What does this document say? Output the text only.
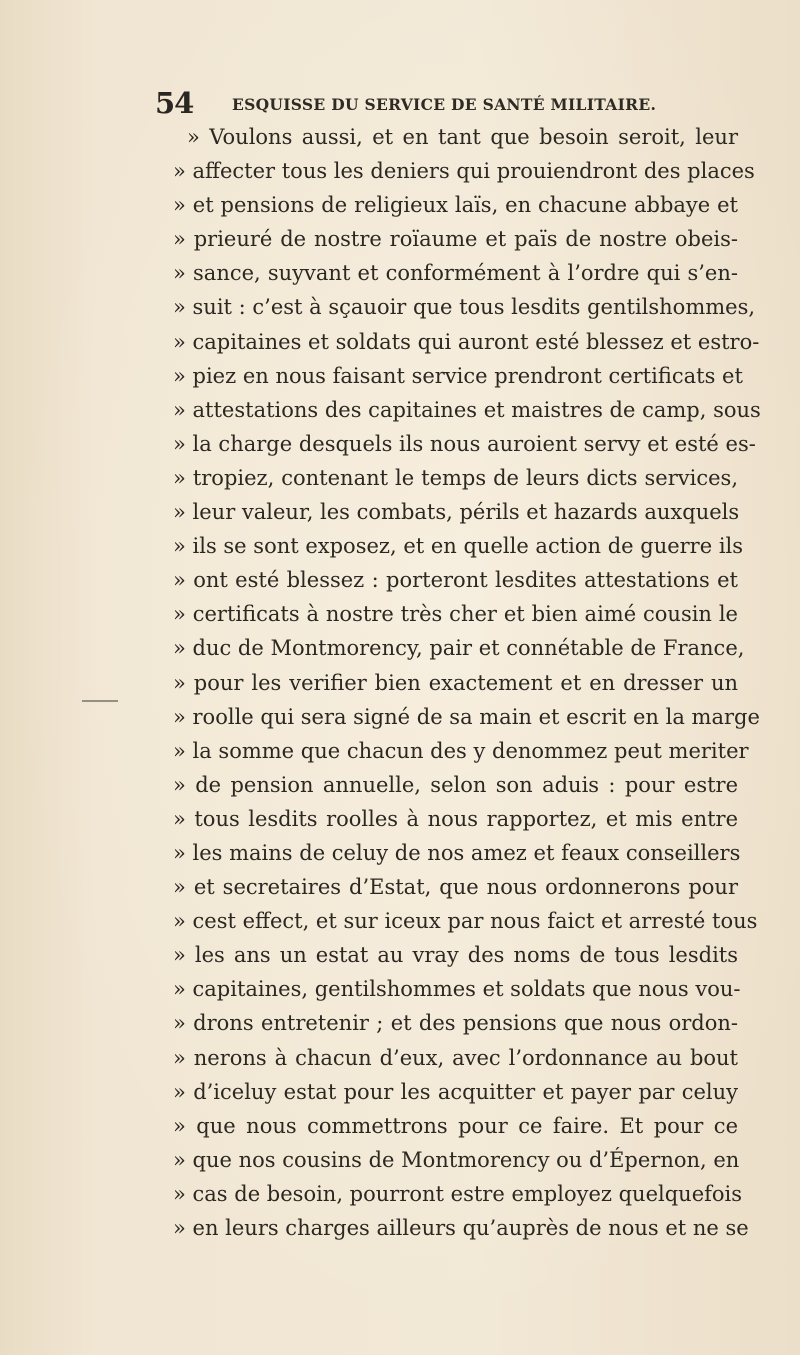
54 ESQUISSE DU SERVICE DE SANTÉ MILITAIRE.
» Voulons aussi, et en tant que besoin seroit, leur
» affecter tous les deniers qui prouiendront des places
» et pensions de religieux laïs, en chacune abbaye et
» prieuré de nostre roïaume et païs de nostre obeis-
» sance, suyvant et conformément à l’ordre qui s’en-
» suit : c’est à sçauoir que tous lesdits gentilshommes,
» capitaines et soldats qui auront esté blessez et estro-
» piez en nous faisant service prendront certificats et
» attestations des capitaines et maistres de camp, sous
» la charge desquels ils nous auroient servy et esté es-
» tropiez, contenant le temps de leurs dicts services,
» leur valeur, les combats, périls et hazards auxquels
» ils se sont exposez, et en quelle action de guerre ils
» ont esté blessez : porteront lesdites attestations et
» certificats à nostre très cher et bien aimé cousin le
» duc de Montmorency, pair et connétable de France,
» pour les verifier bien exactement et en dresser un
» roolle qui sera signé de sa main et escrit en la marge
» la somme que chacun des y denommez peut meriter
» de pension annuelle, selon son aduis : pour estre
» tous lesdits roolles à nous rapportez, et mis entre
» les mains de celuy de nos amez et feaux conseillers
» et secretaires d’Estat, que nous ordonnerons pour
» cest effect, et sur iceux par nous faict et arresté tous
» les ans un estat au vray des noms de tous lesdits
» capitaines, gentilshommes et soldats que nous vou-
» drons entretenir ; et des pensions que nous ordon-
» nerons à chacun d’eux, avec l’ordonnance au bout
» d’iceluy estat pour les acquitter et payer par celuy
» que nous commettrons pour ce faire. Et pour ce
» que nos cousins de Montmorency ou d’Épernon, en
» cas de besoin, pourront estre employez quelquefois
» en leurs charges ailleurs qu’auprès de nous et ne se
